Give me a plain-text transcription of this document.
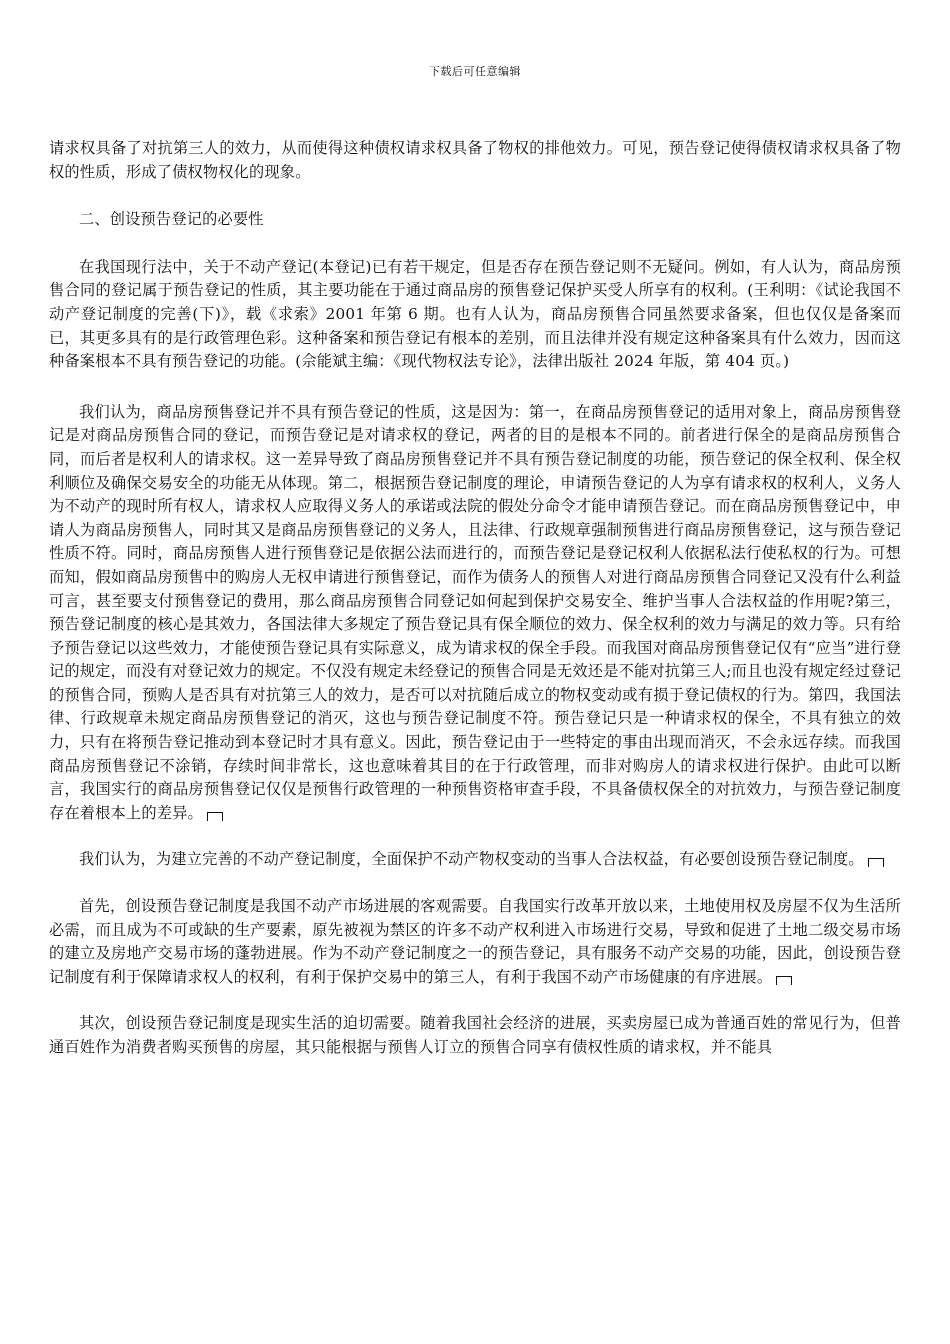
下载后可任意编辑

请求权具备了对抗第三人的效力，从而使得这种债权请求权具备了物权的排他效力。可见，预告登记使得债权请求权具备了物权的性质，形成了债权物权化的现象。

二、创设预告登记的必要性

在我国现行法中，关于不动产登记(本登记)已有若干规定，但是否存在预告登记则不无疑问。例如，有人认为，商品房预售合同的登记属于预告登记的性质，其主要功能在于通过商品房的预售登记保护买受人所享有的权利。(王利明：《试论我国不动产登记制度的完善(下)》，载《求索》2001 年第 6 期。也有人认为，商品房预售合同虽然要求备案，但也仅仅是备案而已，其更多具有的是行政管理色彩。这种备案和预告登记有根本的差别，而且法律并没有规定这种备案具有什么效力，因而这种备案根本不具有预告登记的功能。(佘能斌主编：《现代物权法专论》，法律出版社 2024 年版，第 404 页。)

我们认为，商品房预售登记并不具有预告登记的性质，这是因为：第一，在商品房预售登记的适用对象上，商品房预售登记是对商品房预售合同的登记，而预告登记是对请求权的登记，两者的目的是根本不同的。前者进行保全的是商品房预售合同，而后者是权利人的请求权。这一差异导致了商品房预售登记并不具有预告登记制度的功能，预告登记的保全权利、保全权利顺位及确保交易安全的功能无从体现。第二，根据预告登记制度的理论，申请预告登记的人为享有请求权的权利人，义务人为不动产的现时所有权人，请求权人应取得义务人的承诺或法院的假处分命令才能申请预告登记。而在商品房预售登记中，申请人为商品房预售人，同时其又是商品房预售登记的义务人，且法律、行政规章强制预售进行商品房预售登记，这与预告登记性质不符。同时，商品房预售人进行预售登记是依据公法而进行的，而预告登记是登记权利人依据私法行使私权的行为。可想而知，假如商品房预售中的购房人无权申请进行预售登记，而作为债务人的预售人对进行商品房预售合同登记又没有什么利益可言，甚至要支付预售登记的费用，那么商品房预售合同登记如何起到保护交易安全、维护当事人合法权益的作用呢?第三，预告登记制度的核心是其效力，各国法律大多规定了预告登记具有保全顺位的效力、保全权利的效力与满足的效力等。只有给予预告登记以这些效力，才能使预告登记具有实际意义，成为请求权的保全手段。而我国对商品房预售登记仅有“应当”进行登记的规定，而没有对登记效力的规定。不仅没有规定未经登记的预售合同是无效还是不能对抗第三人;而且也没有规定经过登记的预售合同，预购人是否具有对抗第三人的效力，是否可以对抗随后成立的物权变动或有损于登记债权的行为。第四，我国法律、行政规章未规定商品房预售登记的消灭，这也与预告登记制度不符。预告登记只是一种请求权的保全，不具有独立的效力，只有在将预告登记推动到本登记时才具有意义。因此，预告登记由于一些特定的事由出现而消灭，不会永远存续。而我国商品房预售登记不涂销，存续时间非常长，这也意味着其目的在于行政管理，而非对购房人的请求权进行保护。由此可以断言，我国实行的商品房预售登记仅仅是预售行政管理的一种预售资格审查手段，不具备债权保全的对抗效力，与预告登记制度存在着根本上的差异。

我们认为，为建立完善的不动产登记制度，全面保护不动产物权变动的当事人合法权益，有必要创设预告登记制度。

首先，创设预告登记制度是我国不动产市场进展的客观需要。自我国实行改革开放以来，土地使用权及房屋不仅为生活所必需，而且成为不可或缺的生产要素，原先被视为禁区的许多不动产权利进入市场进行交易，导致和促进了土地二级交易市场的建立及房地产交易市场的蓬勃进展。作为不动产登记制度之一的预告登记，具有服务不动产交易的功能，因此，创设预告登记制度有利于保障请求权人的权利，有利于保护交易中的第三人，有利于我国不动产市场健康的有序进展。

其次，创设预告登记制度是现实生活的迫切需要。随着我国社会经济的进展，买卖房屋已成为普通百姓的常见行为，但普通百姓作为消费者购买预售的房屋，其只能根据与预售人订立的预售合同享有债权性质的请求权，并不能具
